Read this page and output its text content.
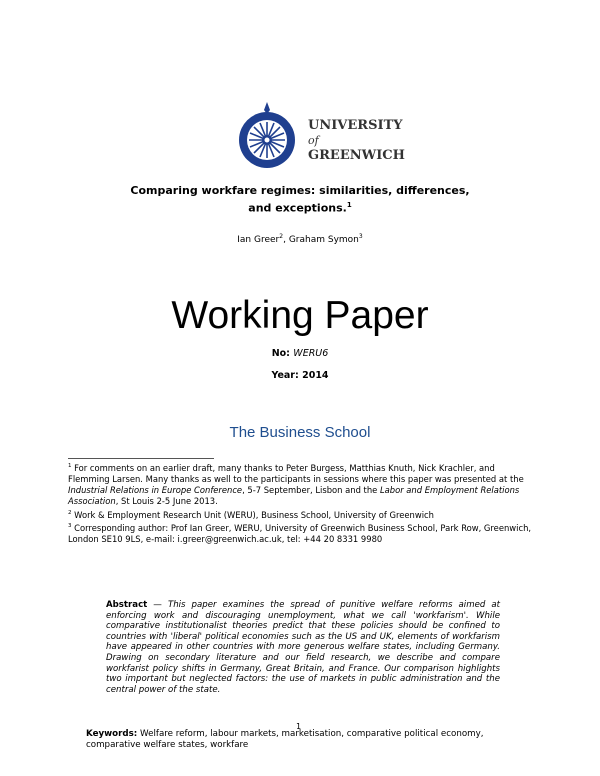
UNIVERSITY
of
GREENWICH
Comparing workfare regimes: similarities, differences,
and exceptions.$^1$
Ian Greer$^2$, Graham Symon$^3$
Working Paper
No: WERU6
Year: 2014
The Business School
$^1$ For comments on an earlier draft, many thanks to Peter Burgess, Matthias Knuth, Nick Krachler, and Flemming Larsen. Many thanks as well to the participants in sessions where this paper was presented at the Industrial Relations in Europe Conference, 5-7 September, Lisbon and the Labor and Employment Relations Association, St Louis 2-5 June 2013.
$^2$ Work & Employment Research Unit (WERU), Business School, University of Greenwich
$^3$ Corresponding author: Prof Ian Greer, WERU, University of Greenwich Business School, Park Row, Greenwich, London SE10 9LS, e-mail: i.greer@greenwich.ac.uk, tel: +44 20 8331 9980
Abstract — This paper examines the spread of punitive welfare reforms aimed at enforcing work and discouraging unemployment, what we call 'workfarism'. While comparative institutionalist theories predict that these policies should be confined to countries with 'liberal' political economies such as the US and UK, elements of workfarism have appeared in other countries with more generous welfare states, including Germany. Drawing on secondary literature and our field research, we describe and compare workfarist policy shifts in Germany, Great Britain, and France. Our comparison highlights two important but neglected factors: the use of markets in public administration and the central power of the state.
1
Keywords: Welfare reform, labour markets, marketisation, comparative political economy, comparative welfare states, workfare
